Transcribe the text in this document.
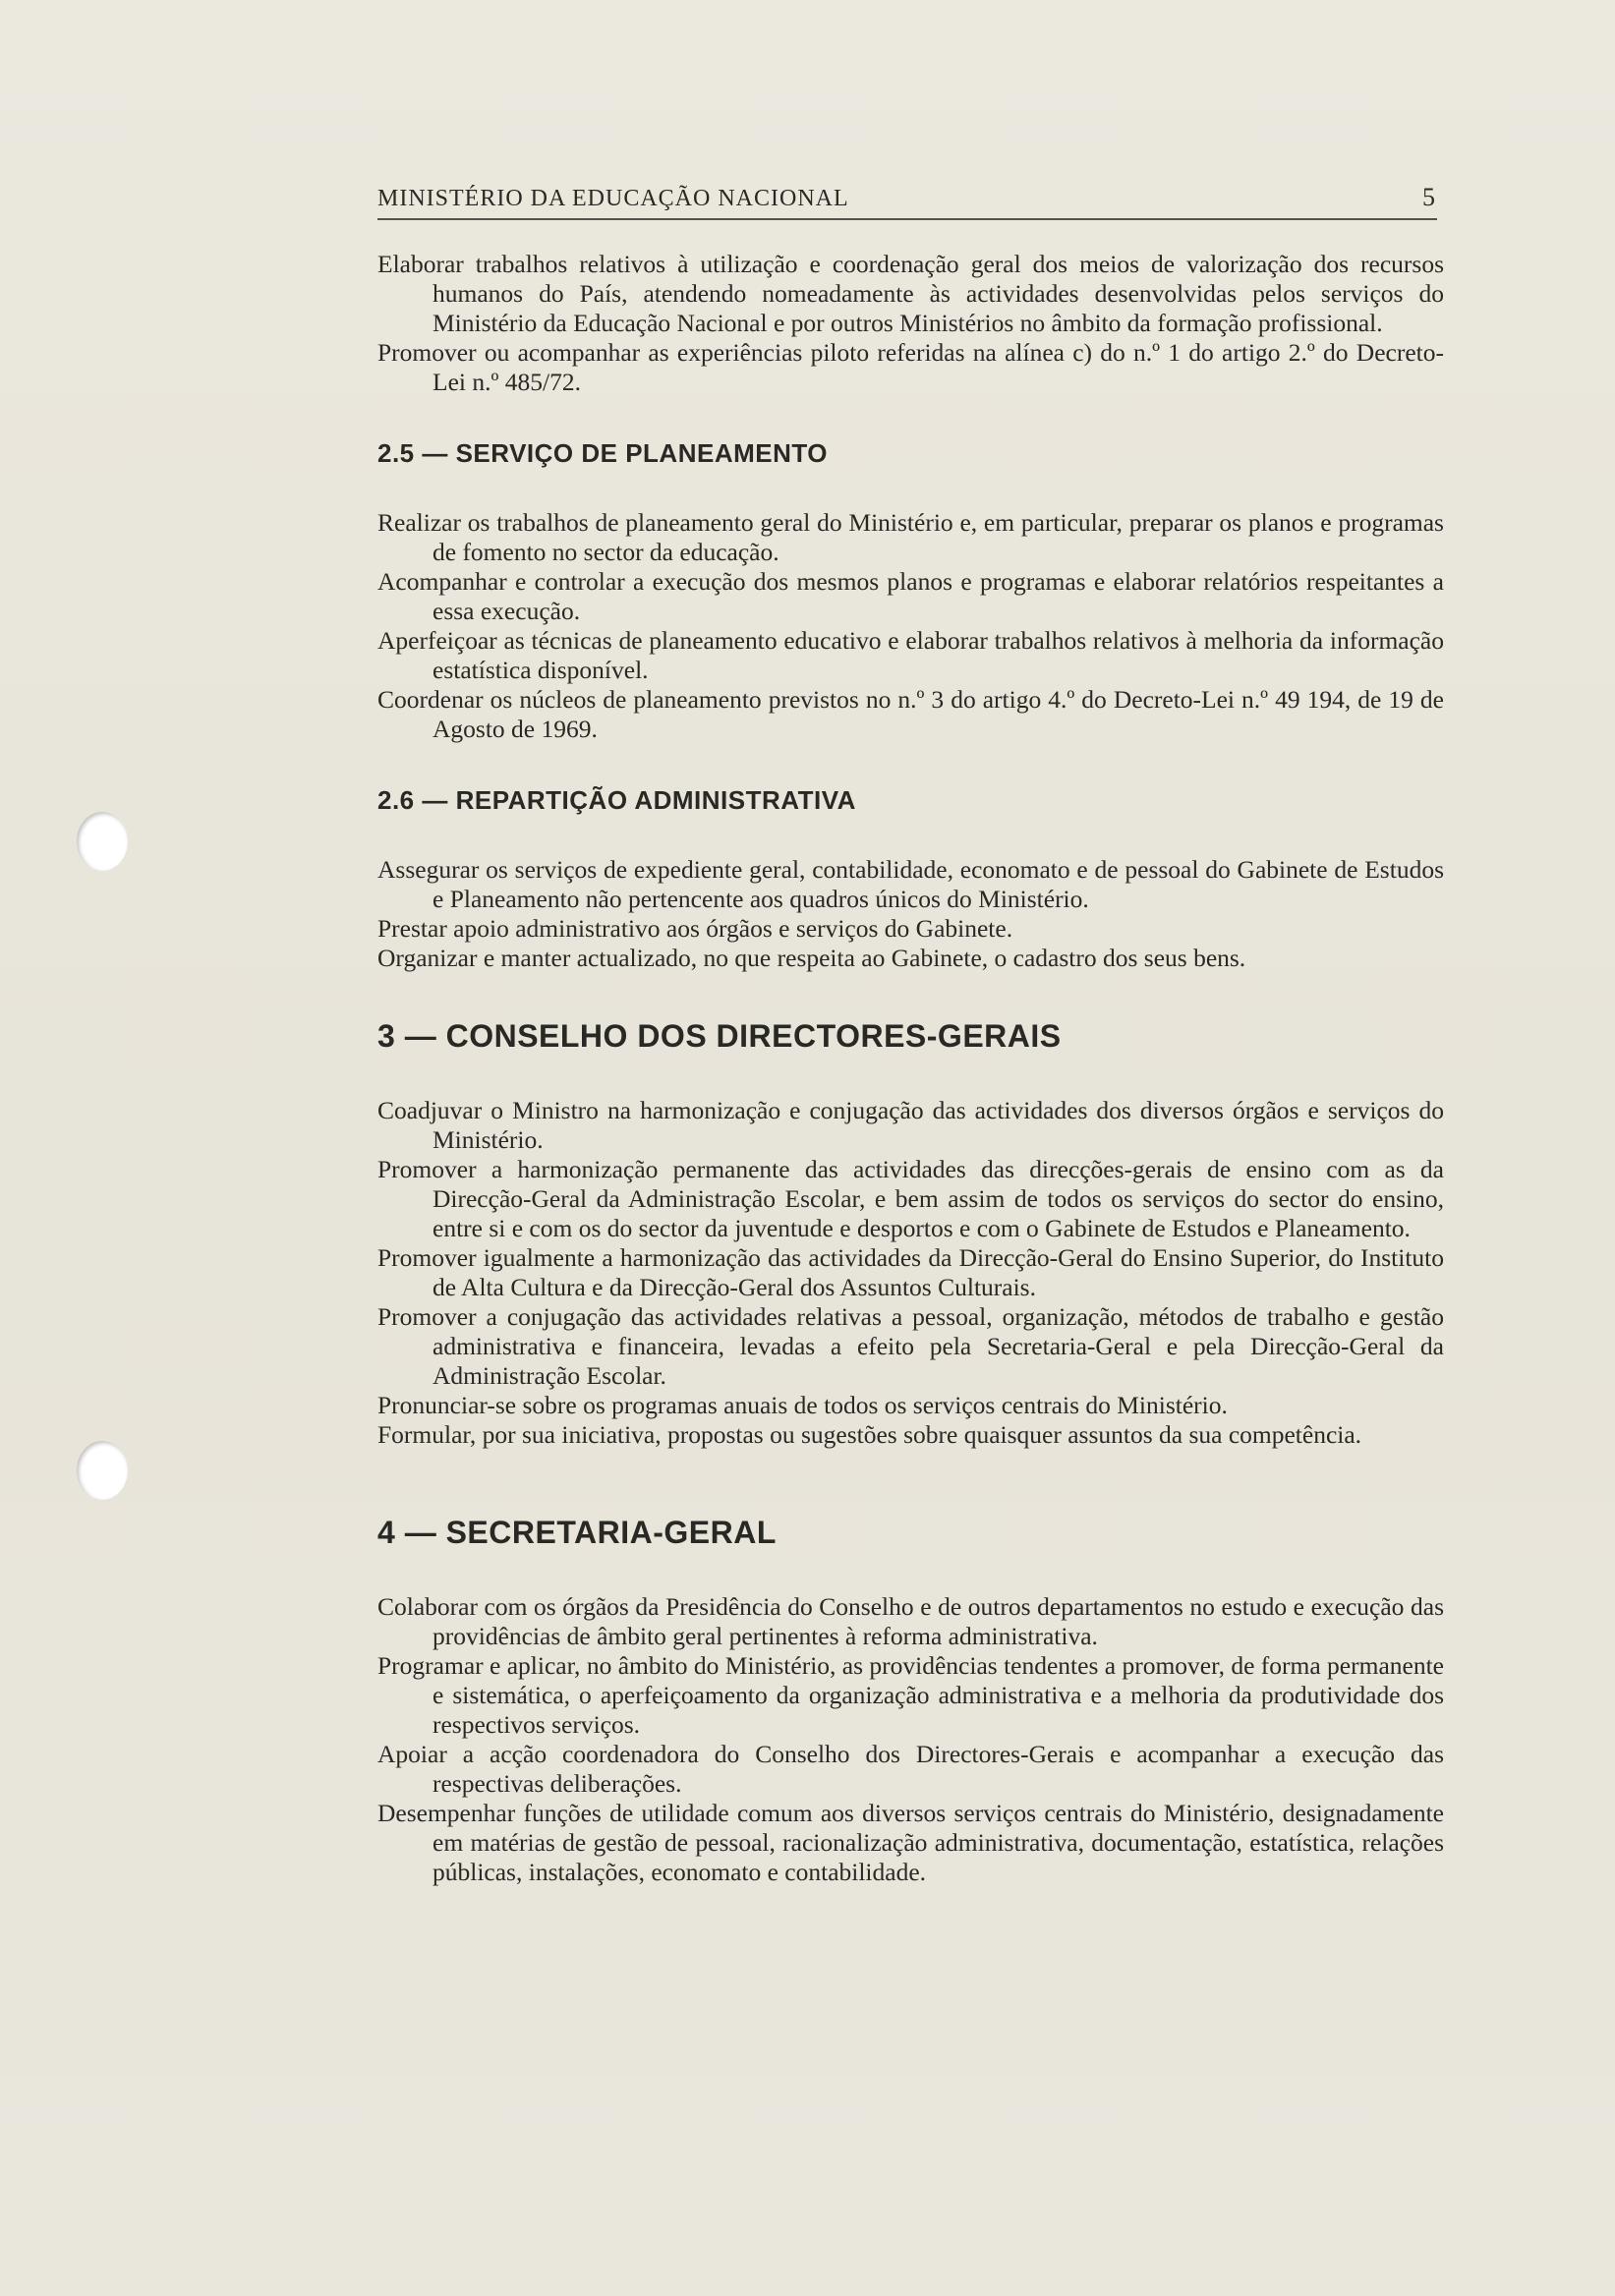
MINISTÉRIO DA EDUCAÇÃO NACIONAL	5

Elaborar trabalhos relativos à utilização e coordenação geral dos meios de valorização dos recursos humanos do País, atendendo nomeadamente às actividades desenvolvidas pelos serviços do Ministério da Educação Nacional e por outros Ministérios no âmbito da formação profissional.

Promover ou acompanhar as experiências piloto referidas na alínea c) do n.º 1 do artigo 2.º do Decreto-Lei n.º 485/72.

2.5 — SERVIÇO DE PLANEAMENTO

Realizar os trabalhos de planeamento geral do Ministério e, em particular, preparar os planos e programas de fomento no sector da educação.

Acompanhar e controlar a execução dos mesmos planos e programas e elaborar relatórios respeitantes a essa execução.

Aperfeiçoar as técnicas de planeamento educativo e elaborar trabalhos relativos à melhoria da informação estatística disponível.

Coordenar os núcleos de planeamento previstos no n.º 3 do artigo 4.º do Decreto-Lei n.º 49 194, de 19 de Agosto de 1969.

2.6 — REPARTIÇÃO ADMINISTRATIVA

Assegurar os serviços de expediente geral, contabilidade, economato e de pessoal do Gabinete de Estudos e Planeamento não pertencente aos quadros únicos do Ministério.

Prestar apoio administrativo aos órgãos e serviços do Gabinete.

Organizar e manter actualizado, no que respeita ao Gabinete, o cadastro dos seus bens.

3 — CONSELHO DOS DIRECTORES-GERAIS

Coadjuvar o Ministro na harmonização e conjugação das actividades dos diversos órgãos e serviços do Ministério.

Promover a harmonização permanente das actividades das direcções-gerais de ensino com as da Direcção-Geral da Administração Escolar, e bem assim de todos os serviços do sector do ensino, entre si e com os do sector da juventude e desportos e com o Gabinete de Estudos e Planeamento.

Promover igualmente a harmonização das actividades da Direcção-Geral do Ensino Superior, do Instituto de Alta Cultura e da Direcção-Geral dos Assuntos Culturais.

Promover a conjugação das actividades relativas a pessoal, organização, métodos de trabalho e gestão administrativa e financeira, levadas a efeito pela Secretaria-Geral e pela Direcção-Geral da Administração Escolar.

Pronunciar-se sobre os programas anuais de todos os serviços centrais do Ministério.

Formular, por sua iniciativa, propostas ou sugestões sobre quaisquer assuntos da sua competência.

4 — SECRETARIA-GERAL

Colaborar com os órgãos da Presidência do Conselho e de outros departamentos no estudo e execução das providências de âmbito geral pertinentes à reforma administrativa.

Programar e aplicar, no âmbito do Ministério, as providências tendentes a promover, de forma permanente e sistemática, o aperfeiçoamento da organização administrativa e a melhoria da produtividade dos respectivos serviços.

Apoiar a acção coordenadora do Conselho dos Directores-Gerais e acompanhar a execução das respectivas deliberações.

Desempenhar funções de utilidade comum aos diversos serviços centrais do Ministério, designadamente em matérias de gestão de pessoal, racionalização administrativa, documentação, estatística, relações públicas, instalações, economato e contabilidade.
